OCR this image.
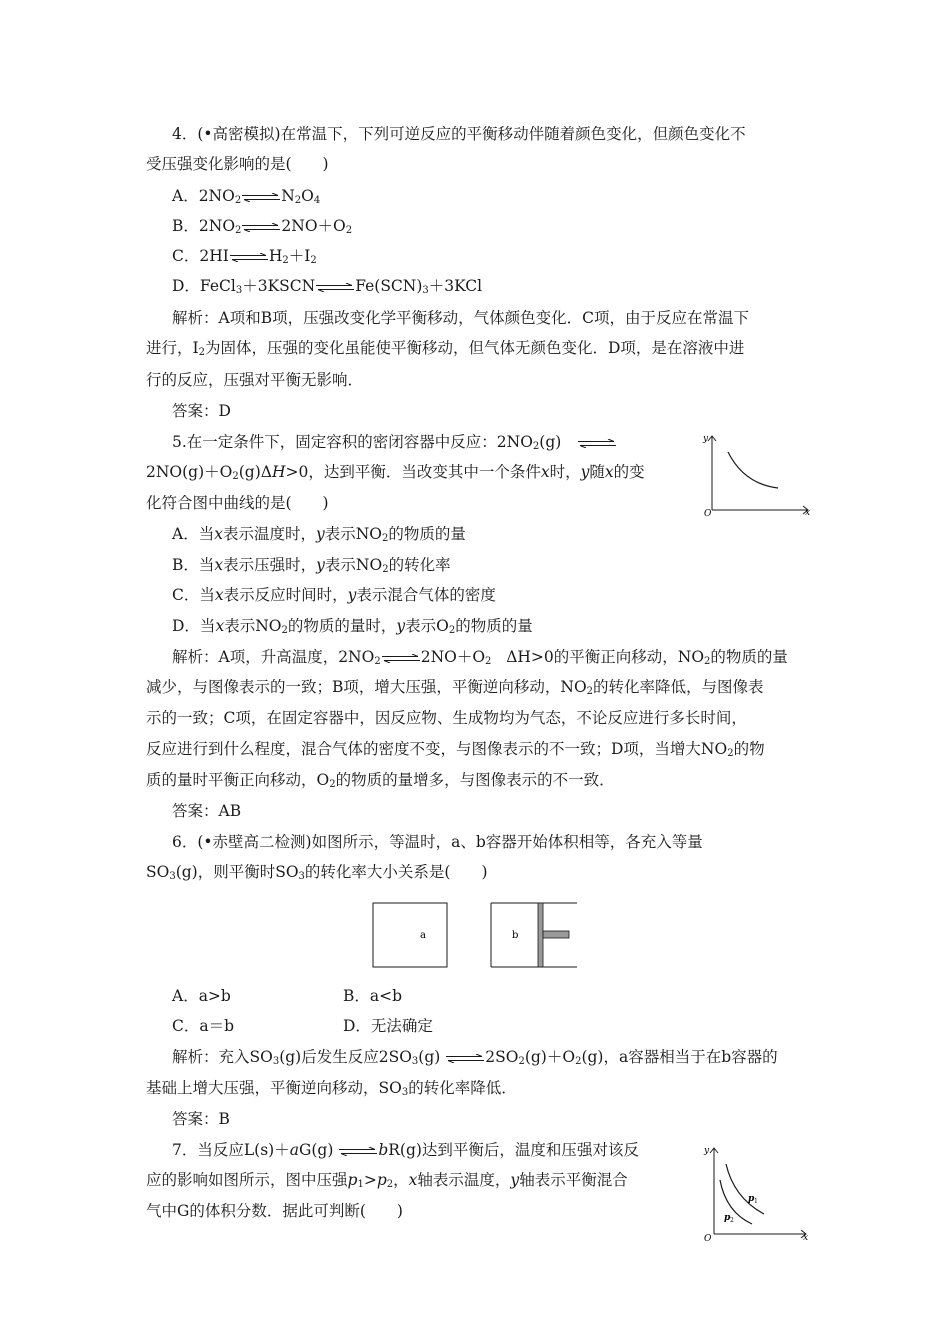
4．(•高密模拟)在常温下，下列可逆反应的平衡移动伴随着颜色变化，但颜色变化不
受压强变化影响的是(　　)
A．$2NO_2\rightleftharpoons N_2O_4$
B．$2NO_2\rightleftharpoons 2NO+O_2$
C．$2HI\rightleftharpoons H_2+I_2$
D．$FeCl_3+3KSCN\rightleftharpoons Fe(SCN)_3+3KCl$
解析：A项和B项，压强改变化学平衡移动，气体颜色变化．C项，由于反应在常温下
进行，$I_2$为固体，压强的变化虽能使平衡移动，但气体无颜色变化．D项，是在溶液中进
行的反应，压强对平衡无影响．
答案：D
5.在一定条件下，固定容积的密闭容器中反应：$2NO_2(g)$ ⇌
$2NO(g)+O_2(g)\Delta H>0$，达到平衡．当改变其中一个条件x时，y随x的变
化符合图中曲线的是(　　)
y
x
O
A．当x表示温度时，y表示$NO_2$的物质的量
B．当x表示压强时，y表示$NO_2$的转化率
C．当x表示反应时间时，y表示混合气体的密度
D．当x表示$NO_2$的物质的量时，y表示$O_2$的物质的量
解析：A项，升高温度，$2NO_2\rightleftharpoons 2NO+O_2$ ΔH>0的平衡正向移动，$NO_2$的物质的量
减少，与图像表示的一致；B项，增大压强，平衡逆向移动，$NO_2$的转化率降低，与图像表
示的一致；C项，在固定容器中，因反应物、生成物均为气态，不论反应进行多长时间，
反应进行到什么程度，混合气体的密度不变，与图像表示的不一致；D项，当增大$NO_2$的物
质的量时平衡正向移动，$O_2$的物质的量增多，与图像表示的不一致．
答案：AB
6．(•赤壁高二检测)如图所示，等温时，a、b容器开始体积相等，各充入等量
$SO_3(g)$，则平衡时$SO_3$的转化率大小关系是(　　)
a	b
A．a>b	B．a<b
C．a＝b	D．无法确定
解析：充入$SO_3(g)$后发生反应$2SO_3(g)$ $\rightleftharpoons 2SO_2(g)+O_2(g)$，a容器相当于在b容器的
基础上增大压强，平衡逆向移动，$SO_3$的转化率降低．
答案：B
7．当反应L(s)＋aG(g) ⇌bR(g)达到平衡后，温度和压强对该反
应的影响如图所示，图中压强$p_1>p_2$，x轴表示温度，y轴表示平衡混合
气中G的体积分数．据此可判断(　　)
y
x
O
p 1
p 2
